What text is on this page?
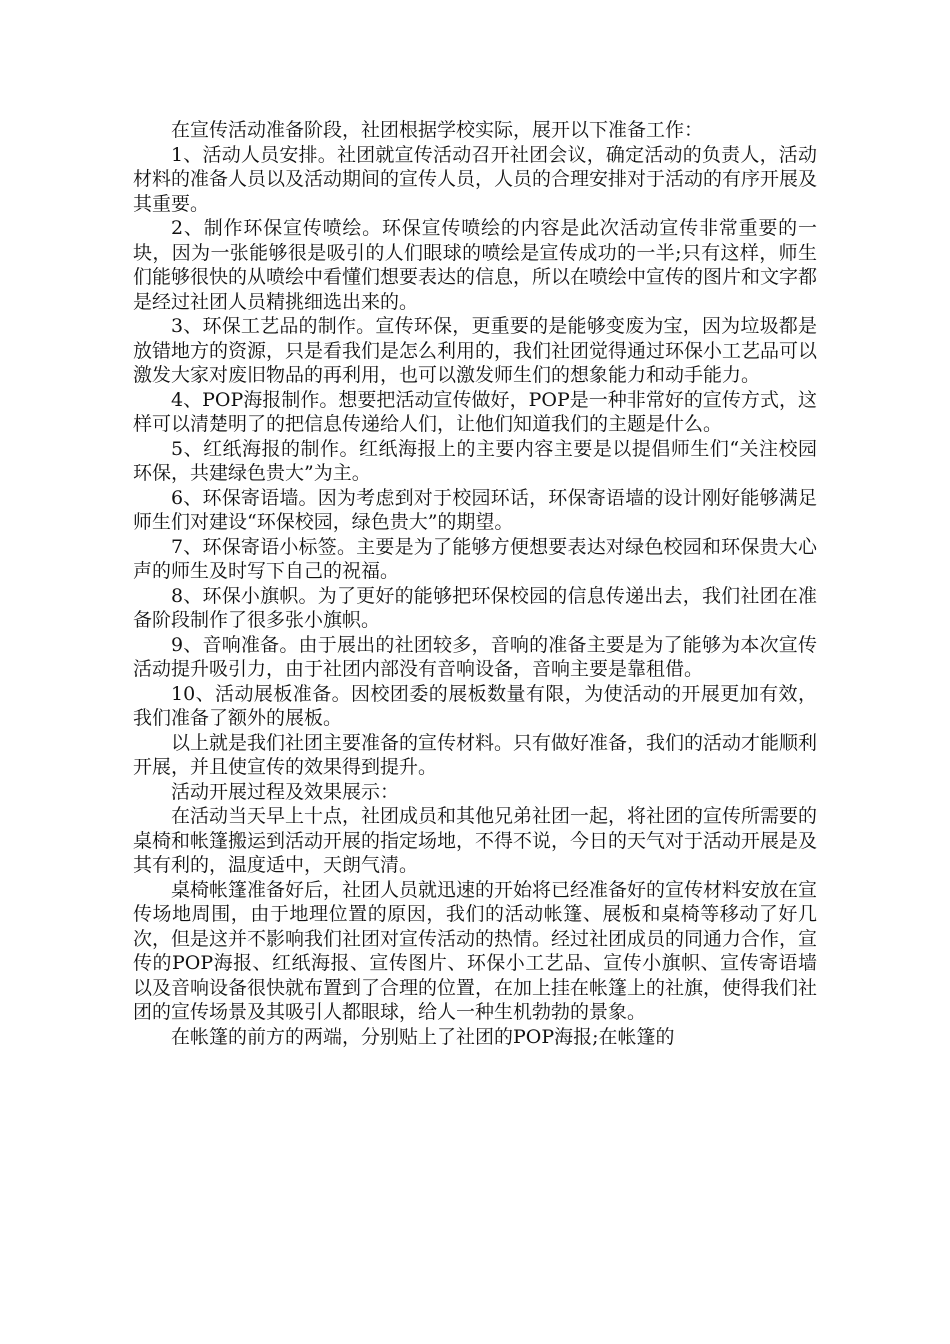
在宣传活动准备阶段，社团根据学校实际，展开以下准备工作：

1、活动人员安排。社团就宣传活动召开社团会议，确定活动的负责人，活动材料的准备人员以及活动期间的宣传人员，人员的合理安排对于活动的有序开展及其重要。

2、制作环保宣传喷绘。环保宣传喷绘的内容是此次活动宣传非常重要的一块，因为一张能够很是吸引的人们眼球的喷绘是宣传成功的一半;只有这样，师生们能够很快的从喷绘中看懂们想要表达的信息，所以在喷绘中宣传的图片和文字都是经过社团人员精挑细选出来的。

3、环保工艺品的制作。宣传环保，更重要的是能够变废为宝，因为垃圾都是放错地方的资源，只是看我们是怎么利用的，我们社团觉得通过环保小工艺品可以激发大家对废旧物品的再利用，也可以激发师生们的想象能力和动手能力。

4、POP海报制作。想要把活动宣传做好，POP是一种非常好的宣传方式，这样可以清楚明了的把信息传递给人们，让他们知道我们的主题是什么。

5、红纸海报的制作。红纸海报上的主要内容主要是以提倡师生们“关注校园环保，共建绿色贵大”为主。

6、环保寄语墙。因为考虑到对于校园环话，环保寄语墙的设计刚好能够满足师生们对建设“环保校园，绿色贵大”的期望。

7、环保寄语小标签。主要是为了能够方便想要表达对绿色校园和环保贵大心声的师生及时写下自己的祝福。

8、环保小旗帜。为了更好的能够把环保校园的信息传递出去，我们社团在准备阶段制作了很多张小旗帜。

9、音响准备。由于展出的社团较多，音响的准备主要是为了能够为本次宣传活动提升吸引力，由于社团内部没有音响设备，音响主要是靠租借。

10、活动展板准备。因校团委的展板数量有限，为使活动的开展更加有效，我们准备了额外的展板。

以上就是我们社团主要准备的宣传材料。只有做好准备，我们的活动才能顺利开展，并且使宣传的效果得到提升。

活动开展过程及效果展示：

在活动当天早上十点，社团成员和其他兄弟社团一起，将社团的宣传所需要的桌椅和帐篷搬运到活动开展的指定场地，不得不说，今日的天气对于活动开展是及其有利的，温度适中，天朗气清。

桌椅帐篷准备好后，社团人员就迅速的开始将已经准备好的宣传材料安放在宣传场地周围，由于地理位置的原因，我们的活动帐篷、展板和桌椅等移动了好几次，但是这并不影响我们社团对宣传活动的热情。经过社团成员的同通力合作，宣传的POP海报、红纸海报、宣传图片、环保小工艺品、宣传小旗帜、宣传寄语墙以及音响设备很快就布置到了合理的位置，在加上挂在帐篷上的社旗，使得我们社团的宣传场景及其吸引人都眼球，给人一种生机勃勃的景象。

在帐篷的前方的两端，分别贴上了社团的POP海报;在帐篷的
